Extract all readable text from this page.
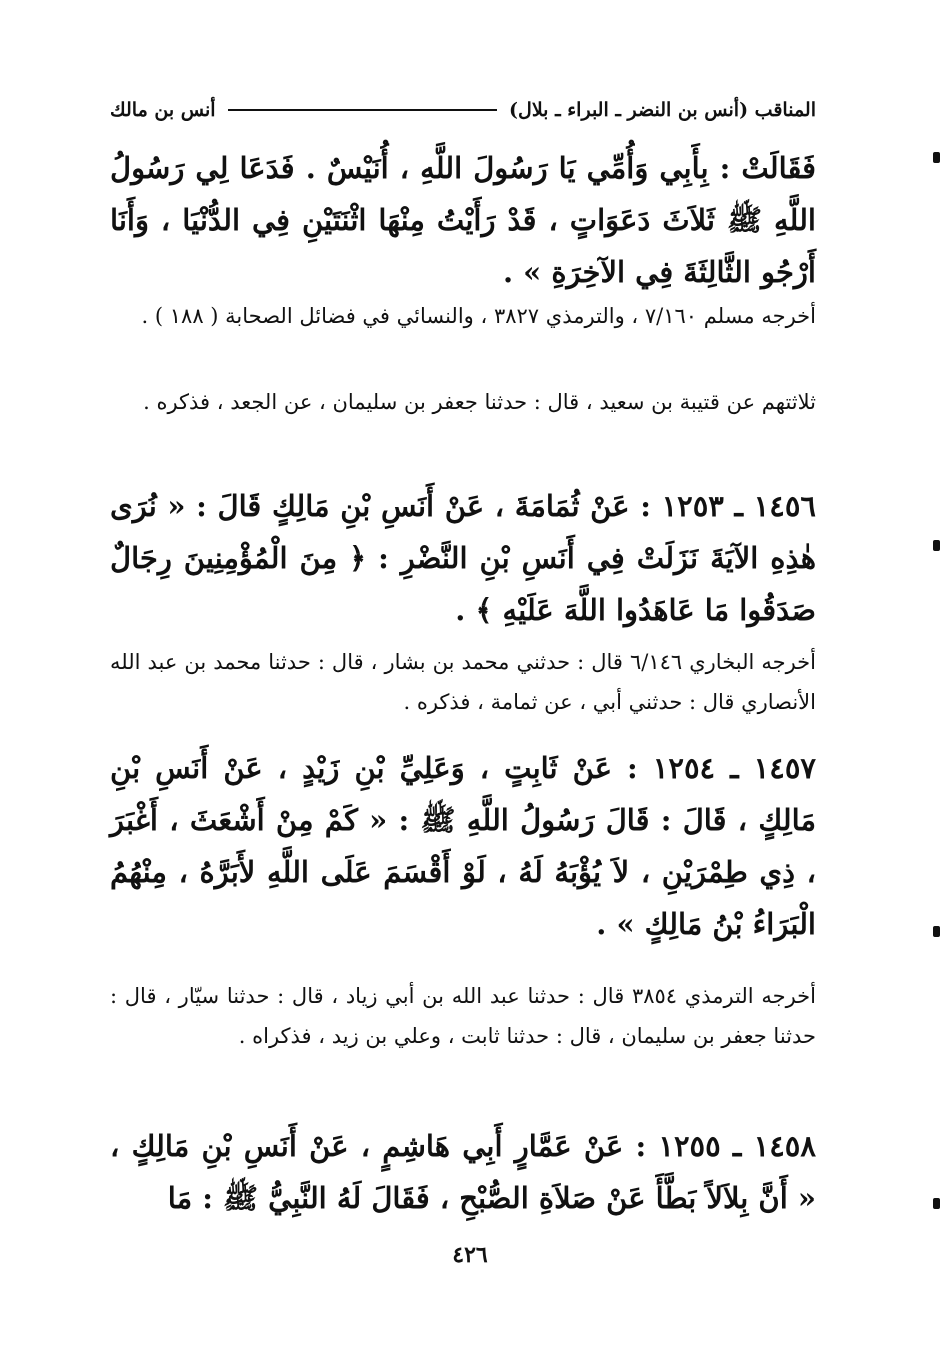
المناقب (أنس بن النضر ـ البراء ـ بلال)
أنس بن مالك
فَقَالَتْ : بِأَبِي وَأُمِّي يَا رَسُولَ اللَّهِ ، أُنَيْسٌ . فَدَعَا لِي رَسُولُ اللَّهِ ﷺ ثَلاَثَ دَعَوَاتٍ ، قَدْ رَأَيْتُ مِنْهَا اثْنَتَيْنِ فِي الدُّنْيَا ، وَأَنَا أَرْجُو الثَّالِثَةَ فِي الآخِرَةِ » .
أخرجه مسلم ٧/١٦٠ ، والترمذي ٣٨٢٧ ، والنسائي في فضائل الصحابة ( ١٨٨ ) .
ثلاثتهم عن قتيبة بن سعيد ، قال : حدثنا جعفر بن سليمان ، عن الجعد ، فذكره .
١٤٥٦ ـ ١٢٥٣ : عَنْ ثُمَامَةَ ، عَنْ أَنَسِ بْنِ مَالِكٍ قَالَ : « نُرَى هٰذِهِ الآيَةَ نَزَلَتْ فِي أَنَسِ بْنِ النَّضْرِ : ﴿ مِنَ الْمُؤْمِنِينَ رِجَالٌ صَدَقُوا مَا عَاهَدُوا اللَّهَ عَلَيْهِ ﴾ .
أخرجه البخاري ٦/١٤٦ قال : حدثني محمد بن بشار ، قال : حدثنا محمد بن عبد الله الأنصاري قال : حدثني أبي ، عن ثمامة ، فذكره .
١٤٥٧ ـ ١٢٥٤ : عَنْ ثَابِتٍ ، وَعَلِيِّ بْنِ زَيْدٍ ، عَنْ أَنَسِ بْنِ مَالِكٍ ، قَالَ : قَالَ رَسُولُ اللَّهِ ﷺ : « كَمْ مِنْ أَشْعَثَ ، أَغْبَرَ ، ذِي طِمْرَيْنِ ، لاَ يُؤْبَهُ لَهُ ، لَوْ أَقْسَمَ عَلَى اللَّهِ لأَبَرَّهُ ، مِنْهُمُ الْبَرَاءُ بْنُ مَالِكٍ » .
أخرجه الترمذي ٣٨٥٤ قال : حدثنا عبد الله بن أبي زياد ، قال : حدثنا سيّار ، قال : حدثنا جعفر بن سليمان ، قال : حدثنا ثابت ، وعلي بن زيد ، فذكراه .
١٤٥٨ ـ ١٢٥٥ : عَنْ عَمَّارٍ أَبِي هَاشِمٍ ، عَنْ أَنَسِ بْنِ مَالِكٍ ، « أَنَّ بِلاَلاً بَطَّأَ عَنْ صَلاَةِ الصُّبْحِ ، فَقَالَ لَهُ النَّبِيُّ ﷺ : مَا
٤٢٦
